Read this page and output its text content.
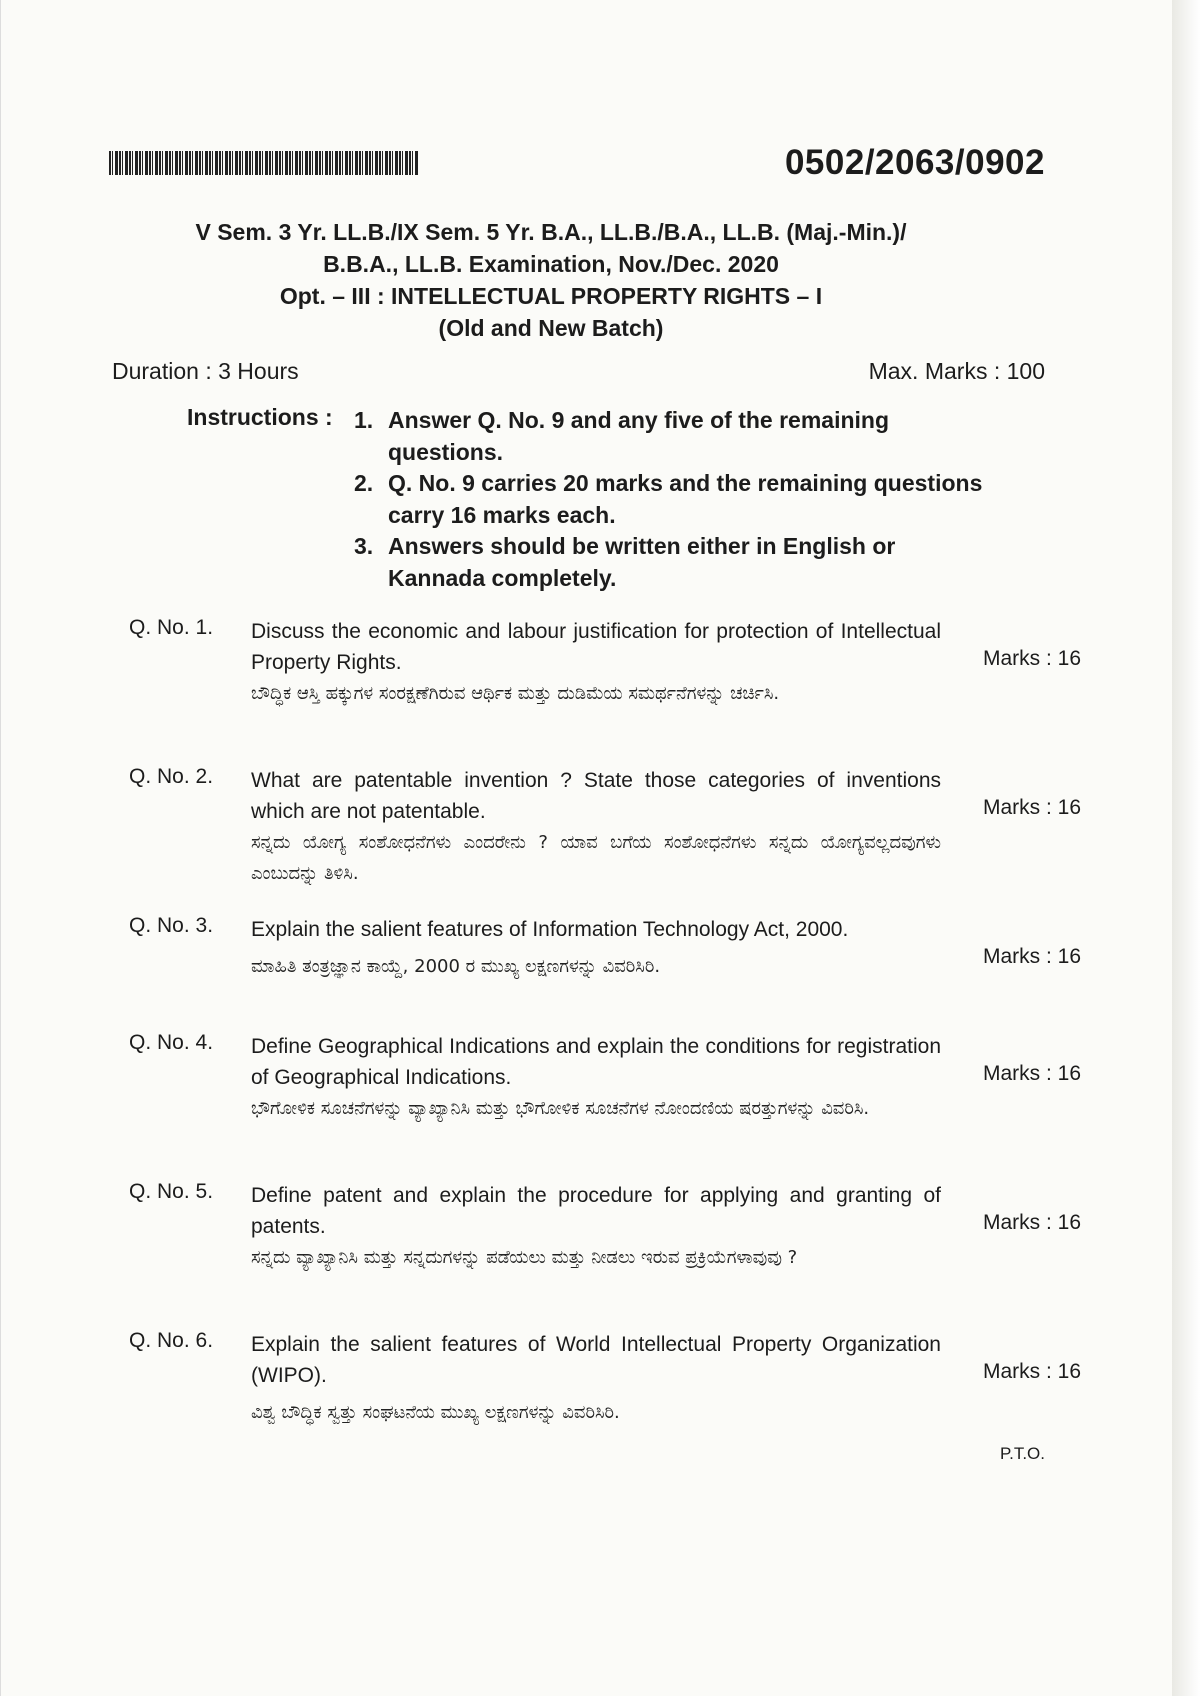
0502/2063/0902
V Sem. 3 Yr. LL.B./IX Sem. 5 Yr. B.A., LL.B./B.A., LL.B. (Maj.-Min.)/
B.B.A., LL.B. Examination, Nov./Dec. 2020
Opt. – III : INTELLECTUAL PROPERTY RIGHTS – I
(Old and New Batch)
Duration : 3 Hours	Max. Marks : 100
Instructions : 1. Answer Q. No. 9 and any five of the remaining questions.
2. Q. No. 9 carries 20 marks and the remaining questions carry 16 marks each.
3. Answers should be written either in English or Kannada completely.
Q. No. 1. Discuss the economic and labour justification for protection of Intellectual Property Rights.
ಬೌದ್ಧಿಕ ಆಸ್ತಿ ಹಕ್ಕುಗಳ ಸಂರಕ್ಷಣೆಗಿರುವ ಆರ್ಥಿಕ ಮತ್ತು ದುಡಿಮೆಯ ಸಮರ್ಥನೆಗಳನ್ನು ಚರ್ಚಿಸಿ.
Marks : 16
Q. No. 2. What are patentable invention ? State those categories of inventions which are not patentable.
ಸನ್ನದು ಯೋಗ್ಯ ಸಂಶೋಧನೆಗಳು ಎಂದರೇನು ? ಯಾವ ಬಗೆಯ ಸಂಶೋಧನೆಗಳು ಸನ್ನದು ಯೋಗ್ಯವಲ್ಲದವುಗಳು ಎಂಬುದನ್ನು ತಿಳಿಸಿ.
Marks : 16
Q. No. 3. Explain the salient features of Information Technology Act, 2000.
ಮಾಹಿತಿ ತಂತ್ರಜ್ಞಾನ ಕಾಯ್ದೆ, 2000 ರ ಮುಖ್ಯ ಲಕ್ಷಣಗಳನ್ನು ವಿವರಿಸಿರಿ.	Marks : 16
Q. No. 4. Define Geographical Indications and explain the conditions for registration of Geographical Indications.
ಭೌಗೋಳಿಕ ಸೂಚನೆಗಳನ್ನು ವ್ಯಾಖ್ಯಾನಿಸಿ ಮತ್ತು ಭೌಗೋಳಿಕ ಸೂಚನೆಗಳ ನೋಂದಣಿಯ ಷರತ್ತುಗಳನ್ನು ವಿವರಿಸಿ.
Marks : 16
Q. No. 5. Define patent and explain the procedure for applying and granting of patents.
ಸನ್ನದು ವ್ಯಾಖ್ಯಾನಿಸಿ ಮತ್ತು ಸನ್ನದುಗಳನ್ನು ಪಡೆಯಲು ಮತ್ತು ನೀಡಲು ಇರುವ ಪ್ರಕ್ರಿಯೆಗಳಾವುವು ?
Marks : 16
Q. No. 6. Explain the salient features of World Intellectual Property Organization (WIPO).
ವಿಶ್ವ ಬೌದ್ಧಿಕ ಸ್ವತ್ತು ಸಂಘಟನೆಯ ಮುಖ್ಯ ಲಕ್ಷಣಗಳನ್ನು ವಿವರಿಸಿರಿ.
Marks : 16
P.T.O.
